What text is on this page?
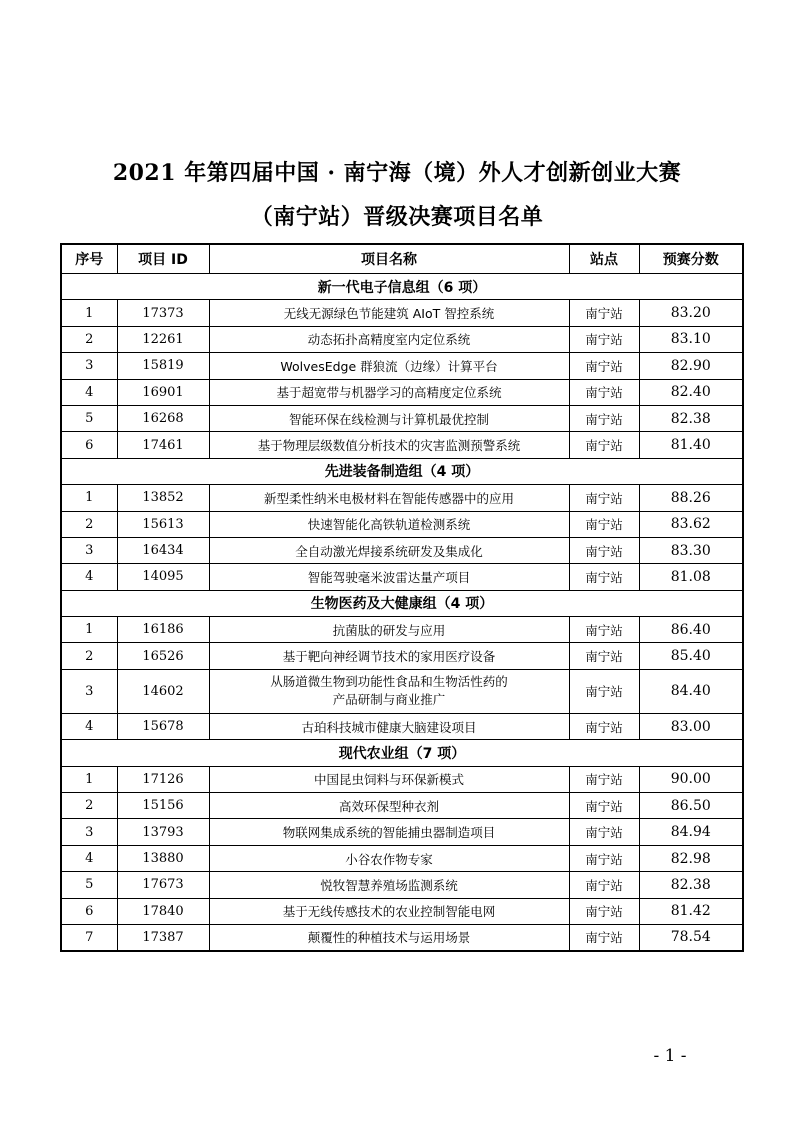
2021 年第四届中国 · 南宁海（境）外人才创新创业大赛
（南宁站）晋级决赛项目名单
序号	项目 ID	项目名称	站点	预赛分数
新一代电子信息组（6 项）				
1	17373	无线无源绿色节能建筑 AIoT 智控系统	南宁站	83.20
2	12261	动态拓扑高精度室内定位系统	南宁站	83.10
3	15819	WolvesEdge 群狼流（边缘）计算平台	南宁站	82.90
4	16901	基于超宽带与机器学习的高精度定位系统	南宁站	82.40
5	16268	智能环保在线检测与计算机最优控制	南宁站	82.38
6	17461	基于物理层级数值分析技术的灾害监测预警系统	南宁站	81.40
先进装备制造组（4 项）				
1	13852	新型柔性纳米电极材料在智能传感器中的应用	南宁站	88.26
2	15613	快速智能化高铁轨道检测系统	南宁站	83.62
3	16434	全自动激光焊接系统研发及集成化	南宁站	83.30
4	14095	智能驾驶毫米波雷达量产项目	南宁站	81.08
生物医药及大健康组（4 项）				
1	16186	抗菌肽的研发与应用	南宁站	86.40
2	16526	基于靶向神经调节技术的家用医疗设备	南宁站	85.40
3	14602	从肠道微生物到功能性食品和生物活性药的
产品研制与商业推广	南宁站	84.40
4	15678	古珀科技城市健康大脑建设项目	南宁站	83.00
现代农业组（7 项）				
1	17126	中国昆虫饲料与环保新模式	南宁站	90.00
2	15156	高效环保型种衣剂	南宁站	86.50
3	13793	物联网集成系统的智能捕虫器制造项目	南宁站	84.94
4	13880	小谷农作物专家	南宁站	82.98
5	17673	悦牧智慧养殖场监测系统	南宁站	82.38
6	17840	基于无线传感技术的农业控制智能电网	南宁站	81.42
7	17387	颠覆性的种植技术与运用场景	南宁站	78.54
- 1 -
